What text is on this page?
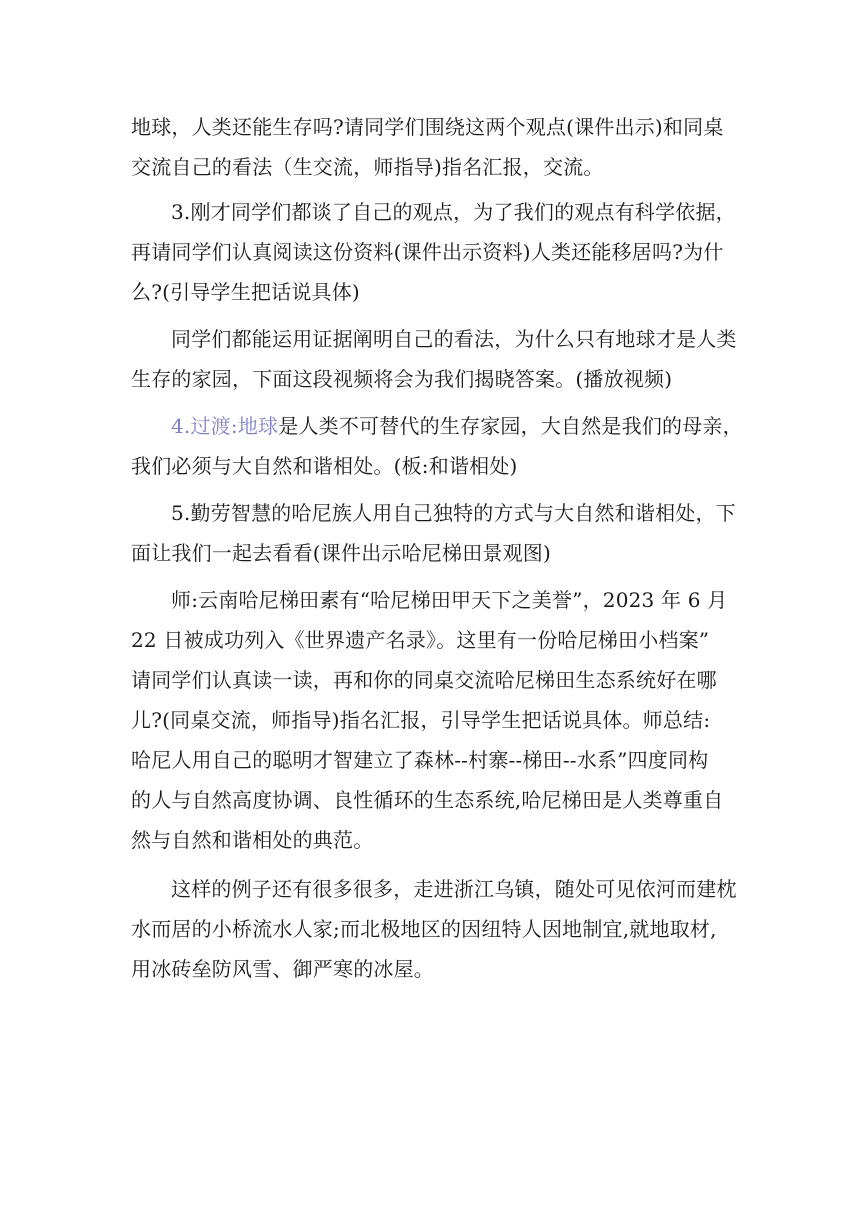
地球，人类还能生存吗?请同学们围绕这两个观点(课件出示)和同桌
交流自己的看法（生交流，师指导)指名汇报，交流。

3.刚才同学们都谈了自己的观点，为了我们的观点有科学依据，
再请同学们认真阅读这份资料(课件出示资料)人类还能移居吗?为什
么?(引导学生把话说具体)

同学们都能运用证据阐明自己的看法，为什么只有地球才是人类
生存的家园，下面这段视频将会为我们揭晓答案。(播放视频)

4.过渡:地球是人类不可替代的生存家园，大自然是我们的母亲，
我们必须与大自然和谐相处。(板:和谐相处)

5.勤劳智慧的哈尼族人用自己独特的方式与大自然和谐相处，下
面让我们一起去看看(课件出示哈尼梯田景观图)

师:云南哈尼梯田素有“哈尼梯田甲天下之美誉”，2023 年 6 月
22 日被成功列入《世界遗产名录》。这里有一份哈尼梯田小档案”
请同学们认真读一读，再和你的同桌交流哈尼梯田生态系统好在哪
儿?(同桌交流，师指导)指名汇报，引导学生把话说具体。师总结:
哈尼人用自己的聪明才智建立了森林--村寨--梯田--水系”四度同构
的人与自然高度协调、良性循环的生态系统,哈尼梯田是人类尊重自
然与自然和谐相处的典范。

这样的例子还有很多很多，走进浙江乌镇，随处可见依河而建枕
水而居的小桥流水人家;而北极地区的因纽特人因地制宜,就地取材,
用冰砖垒防风雪、御严寒的冰屋。
